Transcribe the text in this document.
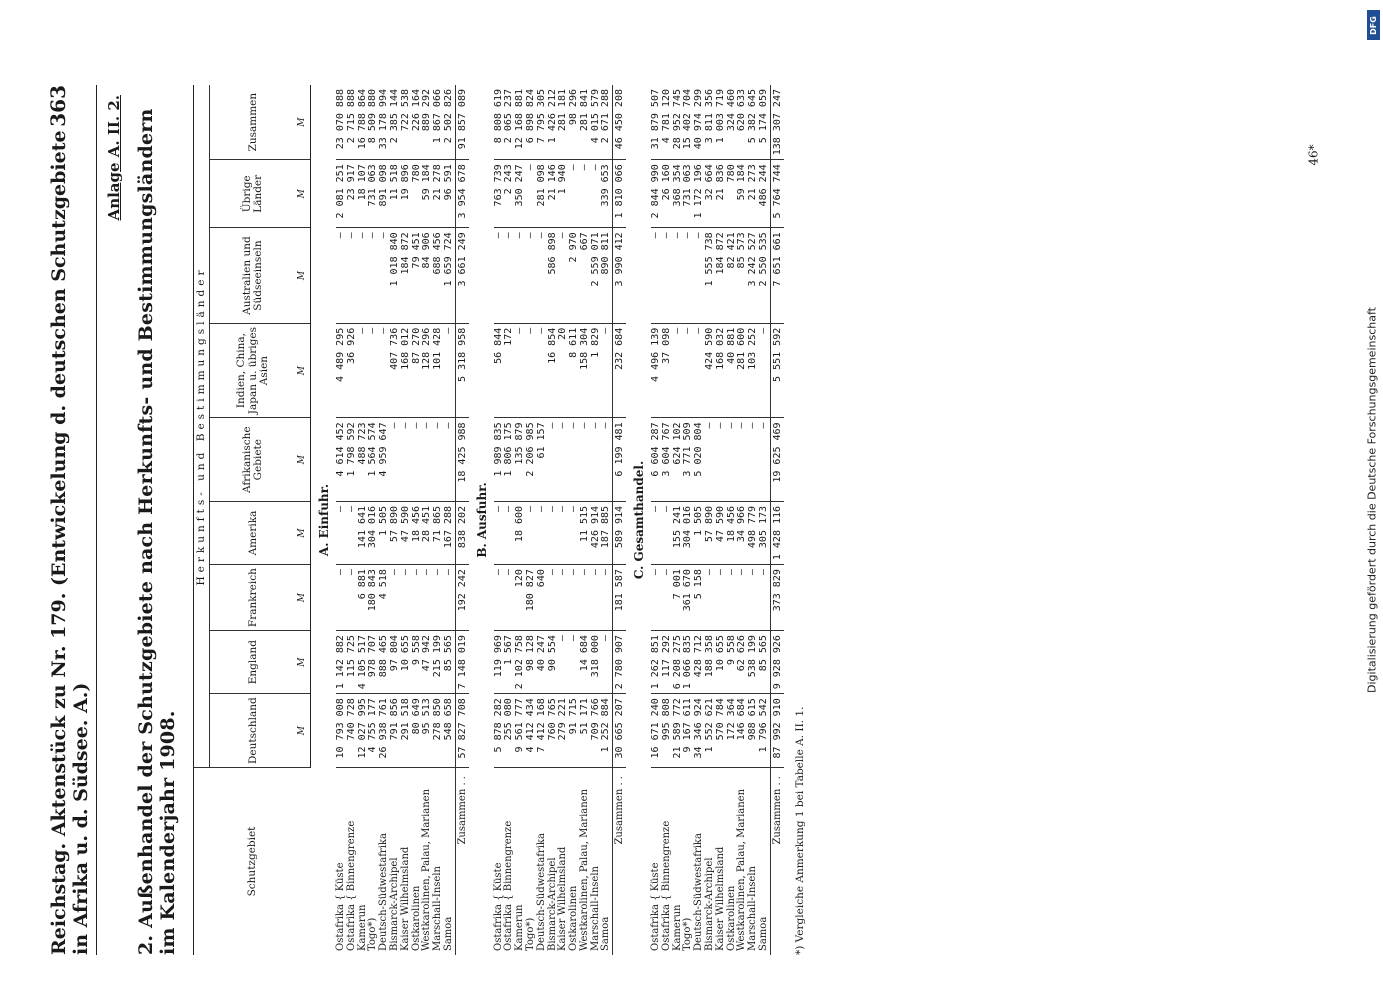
Reichstag. Aktenstück zu Nr. 179. (Entwickelung d. deutschen Schutzgebiete in Afrika u. d. Südsee. A.)
363 Anlage A. II. 2. 2. Außenhandel der Schutzgebiete nach Herkunfts- und Bestimmungsländern im Kalenderjahr 1908.	Schutzgebiet	Herkunfts- und Bestimmungsländer								
	Deutschland	England	Frankreich	Amerika	Afrikanische Gebiete	Indien, China, Japan u. übriges Asien	Australien und Südseeinseln	Übrige Länder	Zusammen
	M	M	M	M	M	M	M	M	M
A. Einfuhr.									
Ostafrika { Küste	10 793 008	1 142 882	—	—	4 614 452	4 489 295	—	2 081 251	23 070 888
Ostafrika { Binnengrenze	740 728	115 725	—	—	1 798 592	36 926	—	23 917	2 715 888
Kamerun	12 027 995	4 105 517	6 881	141 641	488 723	—	—	18 107	16 788 864
Togo*)	4 755 177	978 707	180 843	304 016	1 564 574	—	—	731 063	8 509 880
Deutsch-Südwestafrika	26 938 761	888 465	4 518	1 505	4 959 647	—	—	891 098	33 178 994
Bismarck-Archipel	791 856	97 804	—	57 890	—	407 736	1 018 840	11 518	2 385 144
Kaiser Wilhelmsland	291 518	10 655	—	47 590	—	168 012	184 872	19 896	722 538
Ostkarolinen	80 649	9 558	—	18 456	—	87 270	79 451	780	226 164
Westkarolinen, Palau, Marianen	95 513	47 942	—	28 451	—	128 296	84 906	59 184	889 292
Marschall-Inseln	278 850	215 199	—	71 865	—	101 428	688 456	21 278	1 867 066
Samoa	548 658	85 565	—	167 288	—	—	1 659 724	96 591	2 502 826
Zusammen . .	57 827 708	7 148 019	192 242	838 202	18 425 988	5 318 958	3 661 249	3 954 678	91 857 089
B. Ausfuhr.									
Ostafrika { Küste	5 878 282	119 969	—	—	1 989 835	56 844	—	763 739	8 808 619
Ostafrika { Binnengrenze	255 080	1 567	—	—	1 806 175	172	—	2 243	2 065 237
Kamerun	9 561 777	2 102 758	120	18 600	135 879	—	—	350 247	12 168 881
Togo*)	4 412 434	98 128	180 827	—	2 206 985	—	—	—	6 898 824
Deutsch-Südwestafrika	7 412 168	40 247	640	—	61 157	—	—	281 098	7 795 305
Bismarck-Archipel	760 765	90 554	—	—	—	16 854	586 898	21 146	1 426 212
Kaiser Wilhelmsland	279 221	—	—	—	—	20	—	1 940	281 181
Ostkarolinen	91 715	—	—	—	—	8 611	2 970	—	98 296
Westkarolinen, Palau, Marianen	51 171	14 684	—	11 515	—	158 304	667	—	281 841
Marschall-Inseln	709 766	318 000	—	426 914	—	1 829	2 559 071	—	4 015 579
Samoa	1 252 884	—	—	187 885	—	—	890 811	339 653	2 671 288
Zusammen . .	30 665 207	2 780 907	181 587	589 914	6 199 481	232 684	3 990 412	1 810 066	46 450 208
C. Gesamthandel.									
Ostafrika { Küste	16 671 240	1 262 851	—	—	6 604 287	4 496 139	—	2 844 990	31 879 507
Ostafrika { Binnengrenze	995 808	117 292	—	—	3 604 767	37 098	—	26 160	4 781 120
Kamerun	21 589 772	6 208 275	7 001	155 241	624 102	—	—	368 354	28 952 745
Togo*)	9 167 611	1 066 835	361 670	304 016	3 771 509	—	—	731 063	15 402 704
Deutsch-Südwestafrika	34 346 924	428 712	5 158	1 505	5 020 804	—	—	1 172 196	40 974 299
Bismarck-Archipel	1 552 621	188 358	—	57 890	—	424 590	1 555 738	32 664	3 811 356
Kaiser Wilhelmsland	570 784	10 655	—	47 590	—	168 032	184 872	21 836	1 003 719
Ostkarolinen	172 364	9 558	—	18 456	—	40 881	82 421	780	324 460
Westkarolinen, Palau, Marianen	146 684	62 626	—	34 966	—	281 600	85 573	59 184	620 633
Marschall-Inseln	988 615	538 199	—	498 779	—	103 252	3 242 527	21 273	5 382 645
Samoa	1 796 542	85 565	—	305 173	—	—	2 550 535	486 244	5 174 059
Zusammen . .	87 992 910	9 928 926	373 829	1 428 116	19 625 469	5 551 592	7 651 661	5 764 744	138 307 247
*) Vergleiche Anmerkung 1 bei Tabelle A. II. 1.
46*
Digitalisierung gefördert durch die Deutsche Forschungsgemeinschaft
DFG
